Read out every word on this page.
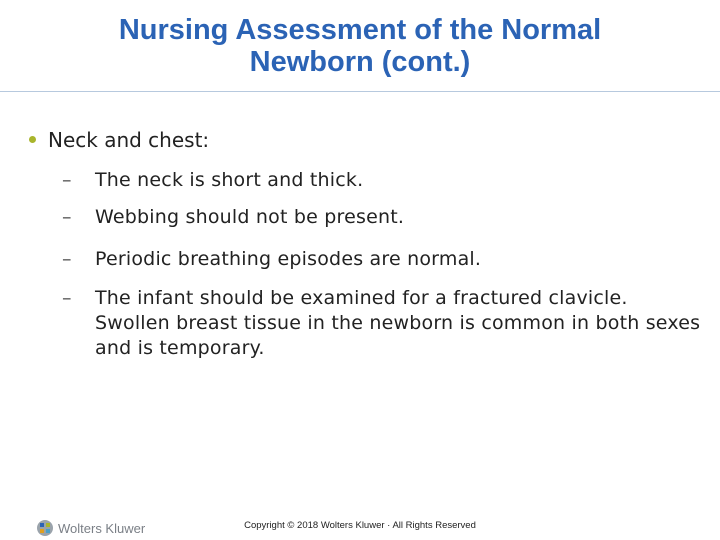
Nursing Assessment of the Normal
Newborn (cont.)
Neck and chest:
–	The neck is short and thick.
–	Webbing should not be present.
–	Periodic breathing episodes are normal.
–	The infant should be examined for a fractured clavicle. Swollen breast tissue in the newborn is common in both sexes and is temporary.
Wolters Kluwer	Copyright © 2018 Wolters Kluwer · All Rights Reserved
